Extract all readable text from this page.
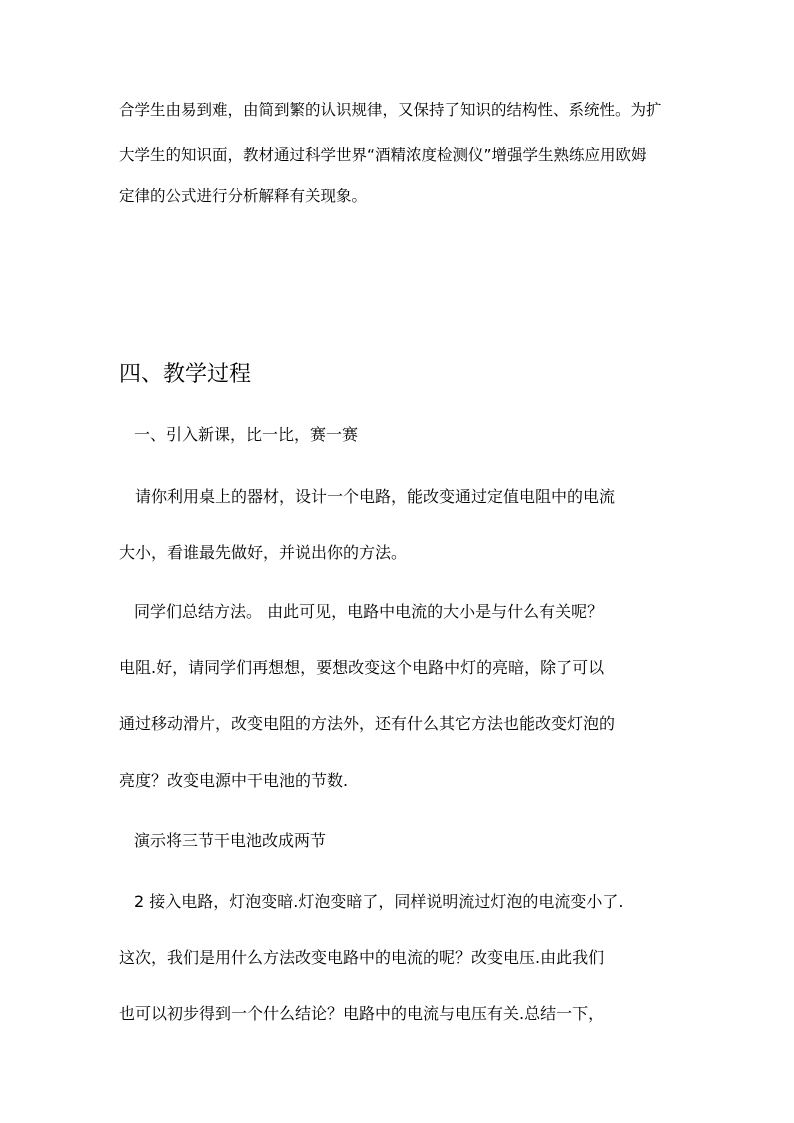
合学生由易到难，由简到繁的认识规律，又保持了知识的结构性、系统性。为扩
大学生的知识面，教材通过科学世界“酒精浓度检测仪”增强学生熟练应用欧姆
定律的公式进行分析解释有关现象。
四、教学过程
一、引入新课，比一比，赛一赛
请你利用桌上的器材，设计一个电路，能改变通过定值电阻中的电流
大小，看谁最先做好，并说出你的方法。
同学们总结方法。 由此可见，电路中电流的大小是与什么有关呢？
电阻.好，请同学们再想想，要想改变这个电路中灯的亮暗，除了可以
通过移动滑片，改变电阻的方法外，还有什么其它方法也能改变灯泡的
亮度？改变电源中干电池的节数.
演示将三节干电池改成两节
2 接入电路，灯泡变暗.灯泡变暗了，同样说明流过灯泡的电流变小了.
这次，我们是用什么方法改变电路中的电流的呢？改变电压.由此我们
也可以初步得到一个什么结论？电路中的电流与电压有关.总结一下，
